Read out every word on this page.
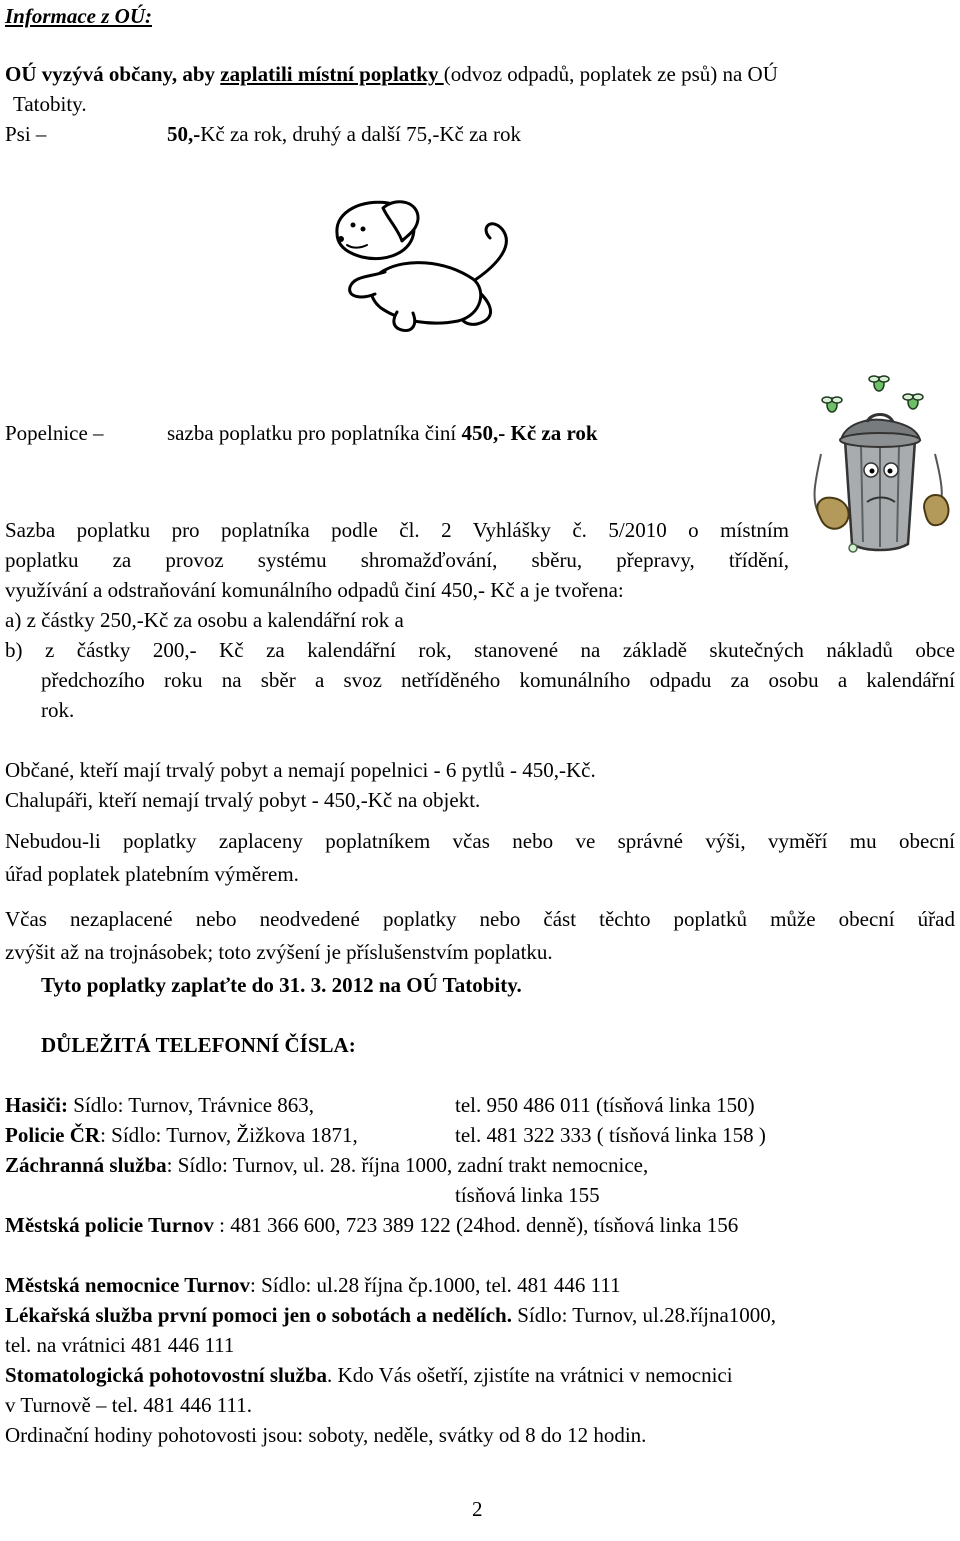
Informace z OÚ:
OÚ vyzývá občany, aby zaplatili místní poplatky (odvoz odpadů, poplatek ze psů) na OÚ
Tatobity.
Psi –	50,-Kč za rok, druhý a další 75,-Kč za rok
Popelnice –	sazba poplatku pro poplatníka činí 450,- Kč za rok
Sazba poplatku pro poplatníka podle čl. 2 Vyhlášky č. 5/2010 o místním
poplatku za provoz systému shromažďování, sběru, přepravy, třídění,
využívání a odstraňování komunálního odpadů činí 450,- Kč a je tvořena:
a) z částky 250,-Kč za osobu a kalendářní rok a
b) z částky 200,- Kč za kalendářní rok, stanovené na základě skutečných nákladů obce
předchozího roku na sběr a svoz netříděného komunálního odpadu za osobu a kalendářní
rok.
Občané, kteří mají trvalý pobyt a nemají popelnici - 6 pytlů - 450,-Kč.
Chalupáři, kteří nemají trvalý pobyt - 450,-Kč na objekt.
Nebudou-li poplatky zaplaceny poplatníkem včas nebo ve správné výši, vyměří mu obecní
úřad poplatek platebním výměrem.
Včas nezaplacené nebo neodvedené poplatky nebo část těchto poplatků může obecní úřad
zvýšit až na trojnásobek; toto zvýšení je příslušenstvím poplatku.
Tyto poplatky zaplaťte do 31. 3. 2012 na OÚ Tatobity.
DŮLEŽITÁ TELEFONNÍ ČÍSLA:
Hasiči: Sídlo: Turnov, Trávnice 863,	tel. 950 486 011 (tísňová linka 150)
Policie ČR: Sídlo: Turnov, Žižkova 1871,	tel. 481 322 333 ( tísňová linka 158 )
Záchranná služba: Sídlo: Turnov, ul. 28. října 1000, zadní trakt nemocnice,
tísňová linka 155
Městská policie Turnov : 481 366 600, 723 389 122 (24hod. denně), tísňová linka 156
Městská nemocnice Turnov: Sídlo: ul.28 října čp.1000, tel. 481 446 111
Lékařská služba první pomoci jen o sobotách a nedělích. Sídlo: Turnov, ul.28.října1000,
tel. na vrátnici 481 446 111
Stomatologická pohotovostní služba. Kdo Vás ošetří, zjistíte na vrátnici v nemocnici
v Turnově – tel. 481 446 111.
Ordinační hodiny pohotovosti jsou: soboty, neděle, svátky od 8 do 12 hodin.
2
